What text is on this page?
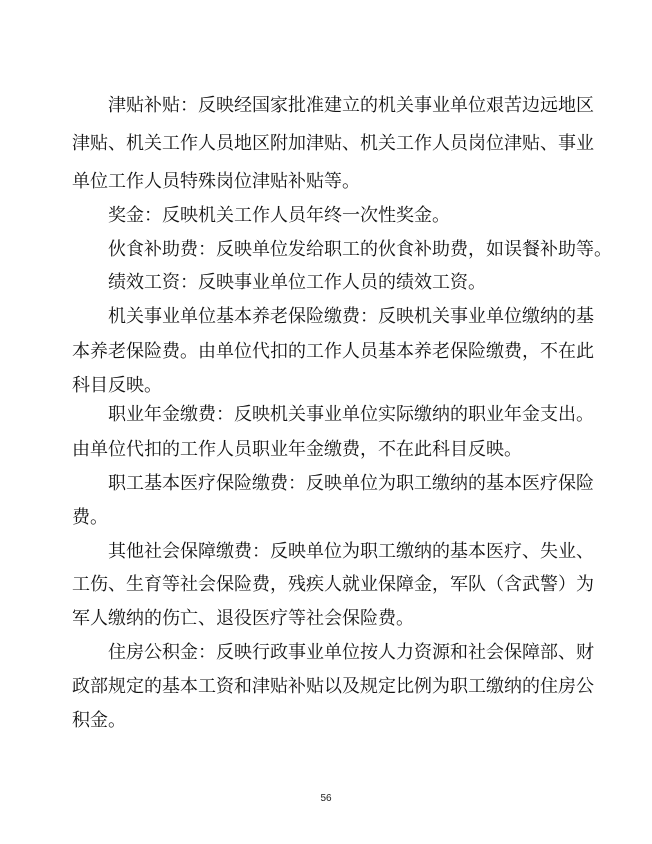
津贴补贴：反映经国家批准建立的机关事业单位艰苦边远地区
津贴、机关工作人员地区附加津贴、机关工作人员岗位津贴、事业
单位工作人员特殊岗位津贴补贴等。
奖金：反映机关工作人员年终一次性奖金。
伙食补助费：反映单位发给职工的伙食补助费，如误餐补助等。
绩效工资：反映事业单位工作人员的绩效工资。
机关事业单位基本养老保险缴费：反映机关事业单位缴纳的基
本养老保险费。由单位代扣的工作人员基本养老保险缴费，不在此
科目反映。
职业年金缴费：反映机关事业单位实际缴纳的职业年金支出。
由单位代扣的工作人员职业年金缴费，不在此科目反映。
职工基本医疗保险缴费：反映单位为职工缴纳的基本医疗保险
费。
其他社会保障缴费：反映单位为职工缴纳的基本医疗、失业、
工伤、生育等社会保险费，残疾人就业保障金，军队（含武警）为
军人缴纳的伤亡、退役医疗等社会保险费。
住房公积金：反映行政事业单位按人力资源和社会保障部、财
政部规定的基本工资和津贴补贴以及规定比例为职工缴纳的住房公
积金。
56
